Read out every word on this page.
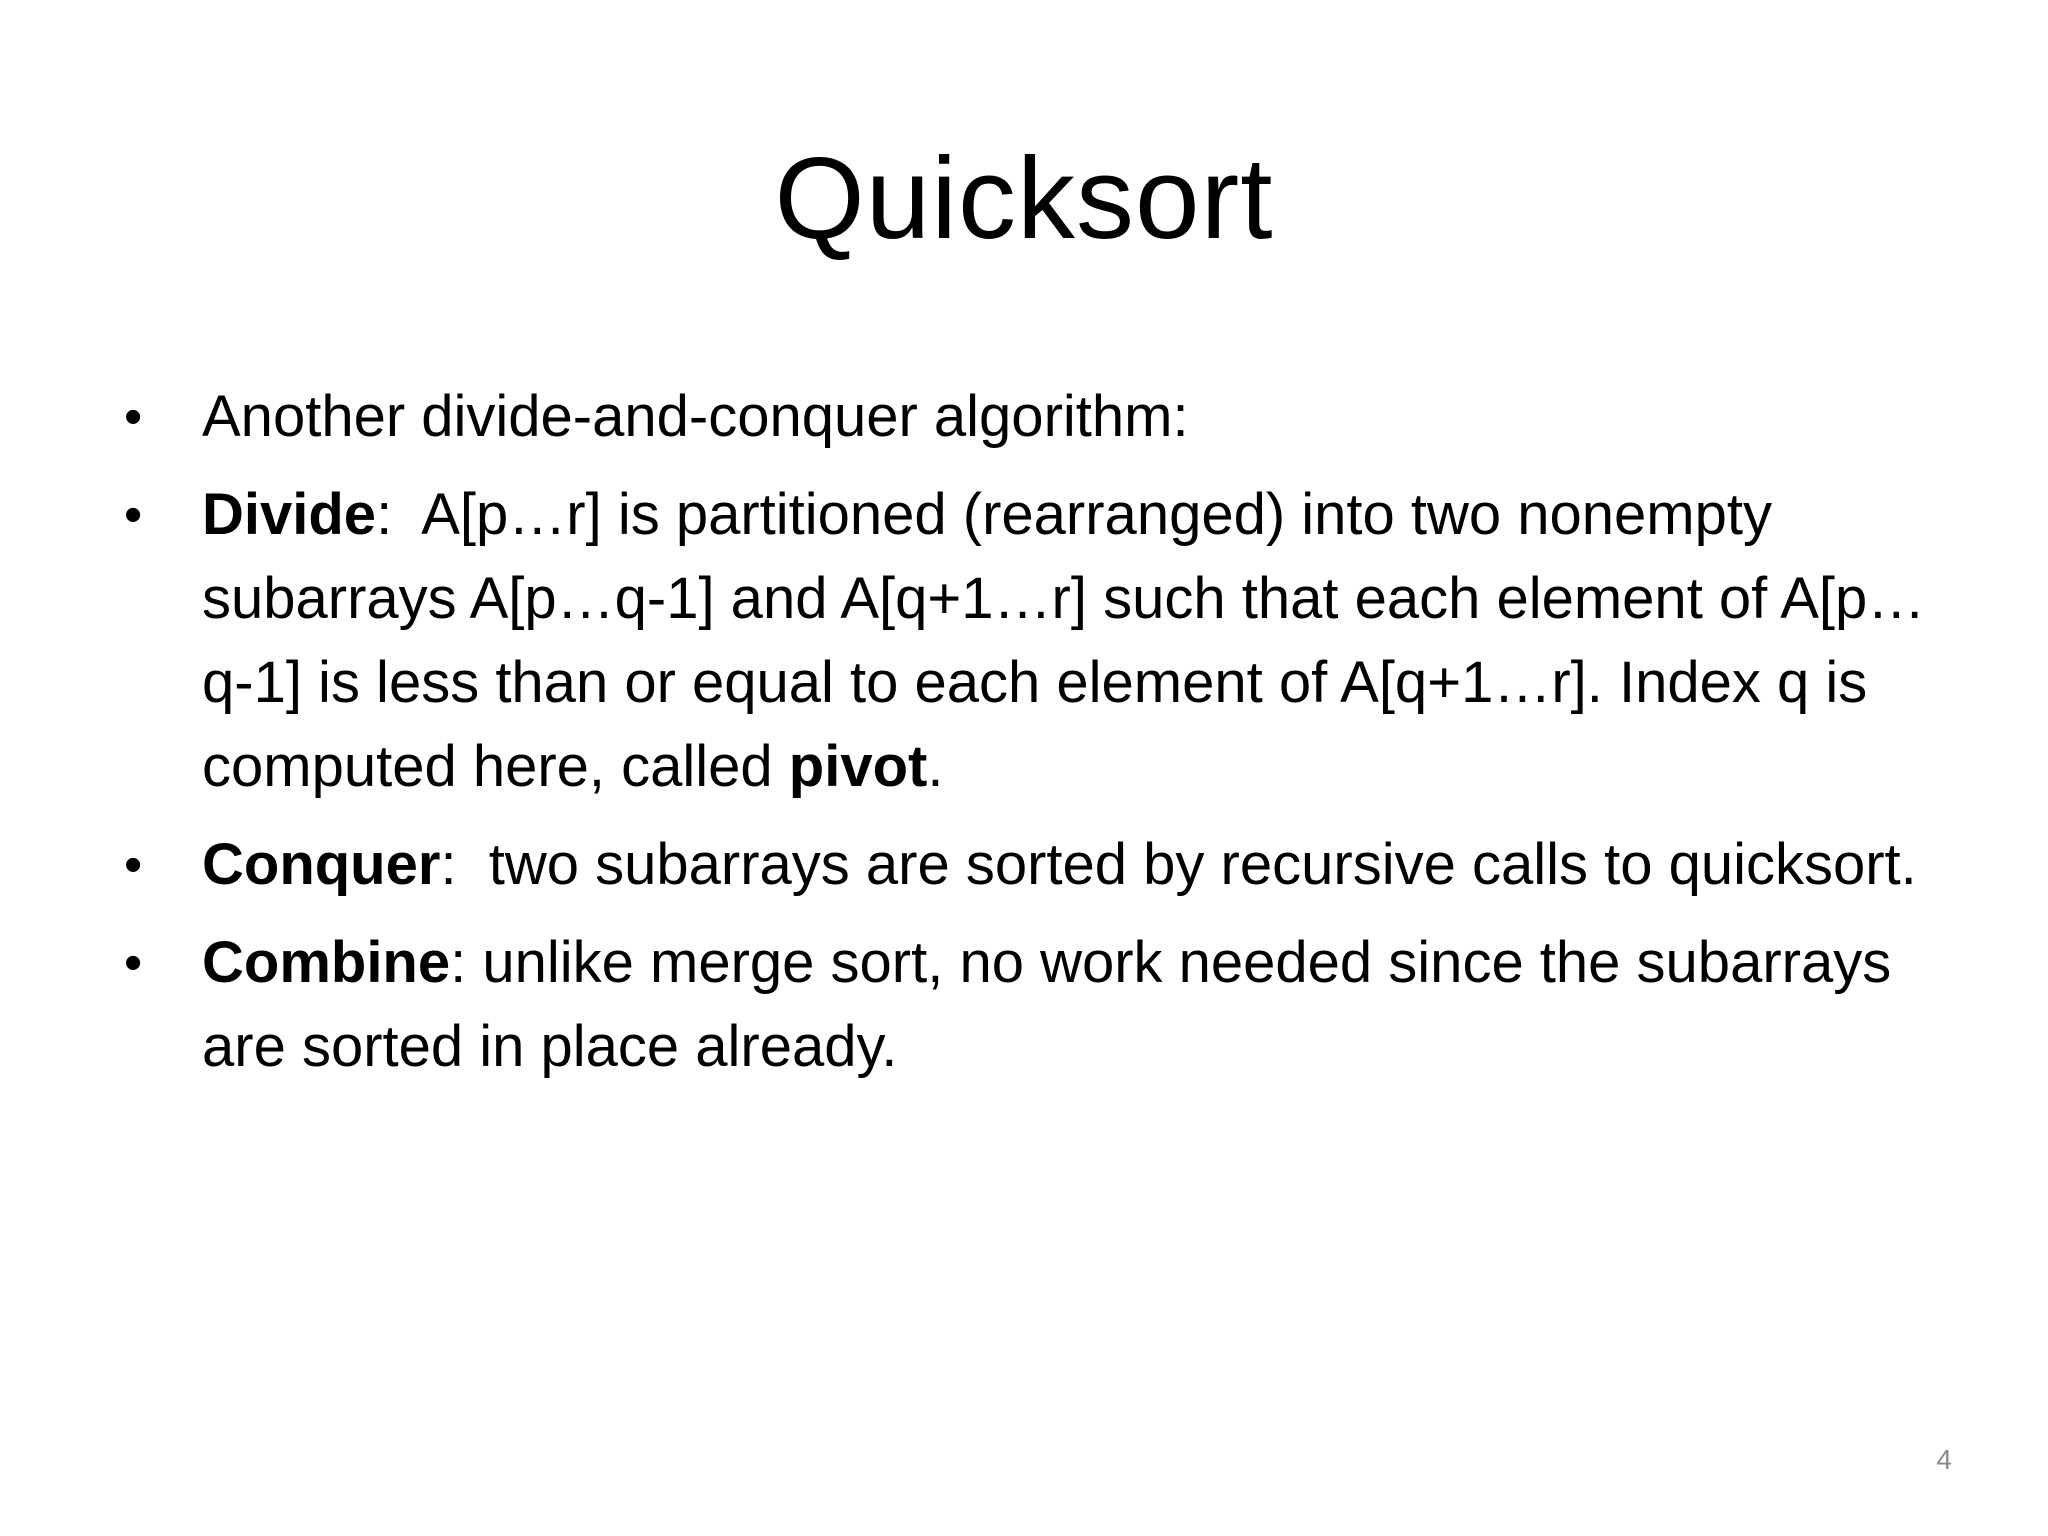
Quicksort
• Another divide-and-conquer algorithm:
• Divide:  A[p…r] is partitioned (rearranged) into two nonempty subarrays A[p…q-1] and A[q+1…r] such that each element of A[p…q-1] is less than or equal to each element of A[q+1…r]. Index q is computed here, called pivot.
• Conquer:  two subarrays are sorted by recursive calls to quicksort.
• Combine: unlike merge sort, no work needed since the subarrays are sorted in place already.
4
